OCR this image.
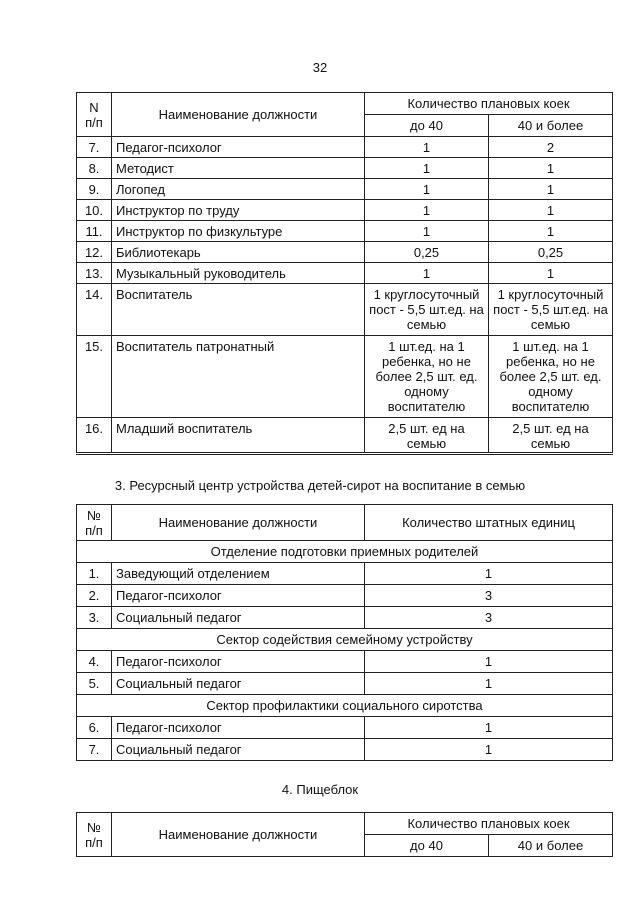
32
N
п/п	Наименование должности	Количество плановых коек	
		до 40	40 и более
7.	Педагог-психолог	1	2
8.	Методист	1	1
9.	Логопед	1	1
10.	Инструктор по труду	1	1
11.	Инструктор по физкультуре	1	1
12.	Библиотекарь	0,25	0,25
13.	Музыкальный руководитель	1	1
14.	Воспитатель	1 круглосуточный пост - 5,5 шт.ед. на семью	1 круглосуточный пост - 5,5 шт.ед. на семью
15.	Воспитатель патронатный	1 шт.ед. на 1 ребенка, но не более 2,5 шт. ед. одному воспитателю	1 шт.ед. на 1 ребенка, но не более 2,5 шт. ед. одному воспитателю
16.	Младший воспитатель	2,5 шт. ед на семью	2,5 шт. ед на семью
3. Ресурсный центр устройства детей-сирот на воспитание в семью
№
п/п	Наименование должности	Количество штатных единиц
Отделение подготовки приемных родителей		
1.	Заведующий отделением	1
2.	Педагог-психолог	3
3.	Социальный педагог	3
Сектор содействия семейному устройству		
4.	Педагог-психолог	1
5.	Социальный педагог	1
Сектор профилактики социального сиротства		
6.	Педагог-психолог	1
7.	Социальный педагог	1
4. Пищеблок
№
п/п	Наименование должности	Количество плановых коек	
		до 40	40 и более
